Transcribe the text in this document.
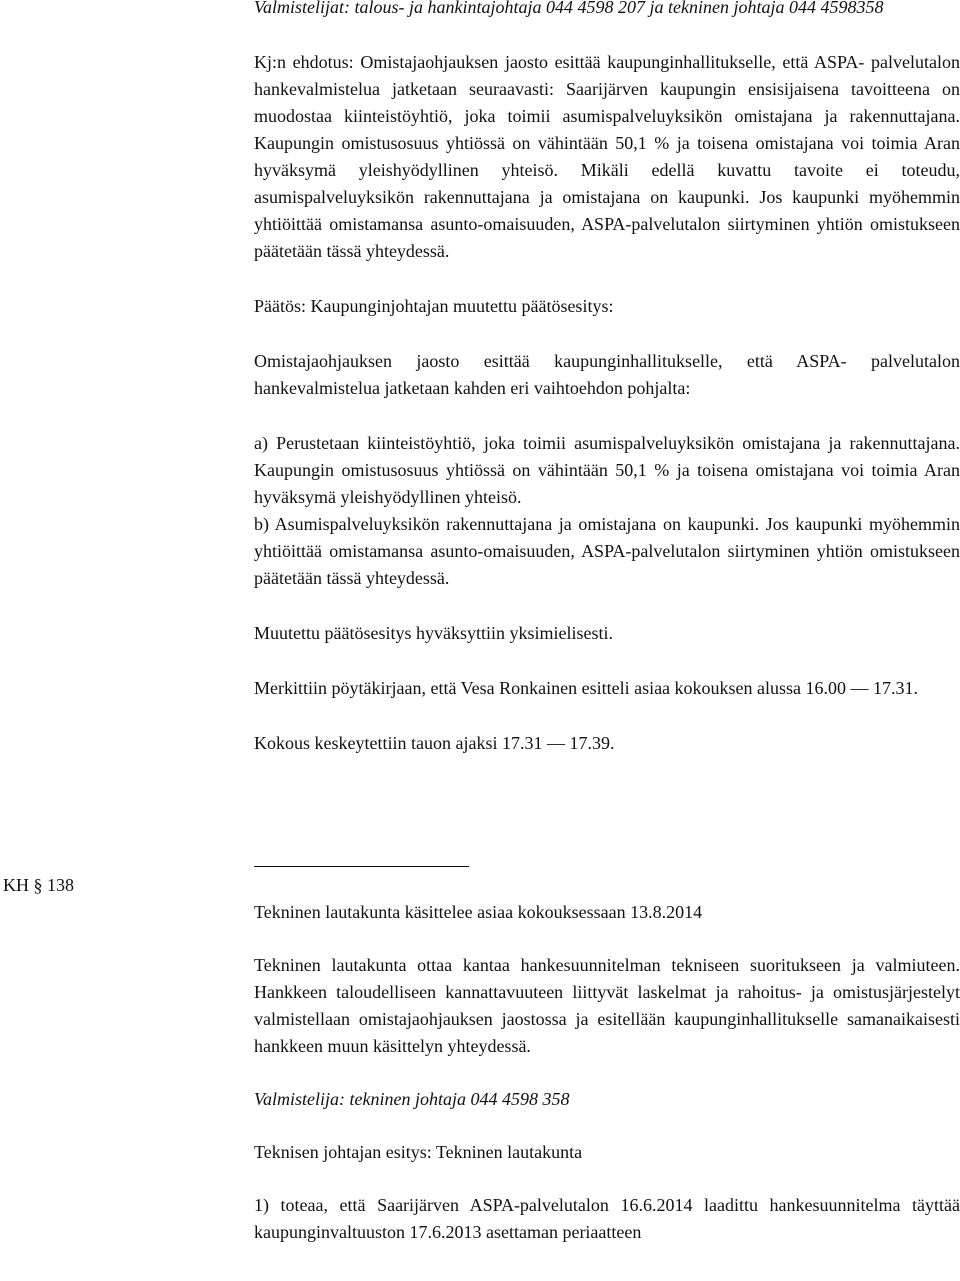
Valmistelijat: talous- ja hankintajohtaja 044 4598 207 ja tekninen johtaja 044 4598358

Kj:n ehdotus: Omistajaohjauksen jaosto esittää kaupunginhallitukselle, että ASPA- palvelutalon hankevalmistelua jatketaan seuraavasti: Saarijärven kaupungin ensisijaisena tavoitteena on muodostaa kiinteistöyhtiö, joka toimii asumispalveluyksikön omistajana ja rakennuttajana. Kaupungin omistusosuus yhtiössä on vähintään 50,1 % ja toisena omistajana voi toimia Aran hyväksymä yleishyödyllinen yhteisö. Mikäli edellä kuvattu tavoite ei toteudu, asumispalveluyksikön rakennuttajana ja omistajana on kaupunki. Jos kaupunki myöhemmin yhtiöittää omistamansa asunto-omaisuuden, ASPA-palvelutalon siirtyminen yhtiön omistukseen päätetään tässä yhteydessä.

Päätös: Kaupunginjohtajan muutettu päätösesitys:

Omistajaohjauksen jaosto esittää kaupunginhallitukselle, että ASPA- palvelutalon hankevalmistelua jatketaan kahden eri vaihtoehdon pohjalta:

a) Perustetaan kiinteistöyhtiö, joka toimii asumispalveluyksikön omistajana ja rakennuttajana. Kaupungin omistusosuus yhtiössä on vähintään 50,1 % ja toisena omistajana voi toimia Aran hyväksymä yleishyödyllinen yhteisö.

b) Asumispalveluyksikön rakennuttajana ja omistajana on kaupunki. Jos kaupunki myöhemmin yhtiöittää omistamansa asunto-omaisuuden, ASPA-palvelutalon siirtyminen yhtiön omistukseen päätetään tässä yhteydessä.

Muutettu päätösesitys hyväksyttiin yksimielisesti.

Merkittiin pöytäkirjaan, että Vesa Ronkainen esitteli asiaa kokouksen alussa 16.00 — 17.31.

Kokous keskeytettiin tauon ajaksi 17.31 — 17.39.

KH § 138

Tekninen lautakunta käsittelee asiaa kokouksessaan 13.8.2014

Tekninen lautakunta ottaa kantaa hankesuunnitelman tekniseen suoritukseen ja valmiuteen. Hankkeen taloudelliseen kannattavuuteen liittyvät laskelmat ja rahoitus- ja omistusjärjestelyt valmistellaan omistajaohjauksen jaostossa ja esitellään kaupunginhallitukselle samanaikaisesti hankkeen muun käsittelyn yhteydessä.

Valmistelija: tekninen johtaja 044 4598 358

Teknisen johtajan esitys: Tekninen lautakunta

1) toteaa, että Saarijärven ASPA-palvelutalon 16.6.2014 laadittu hankesuunnitelma täyttää kaupunginvaltuuston 17.6.2013 asettaman periaatteen
